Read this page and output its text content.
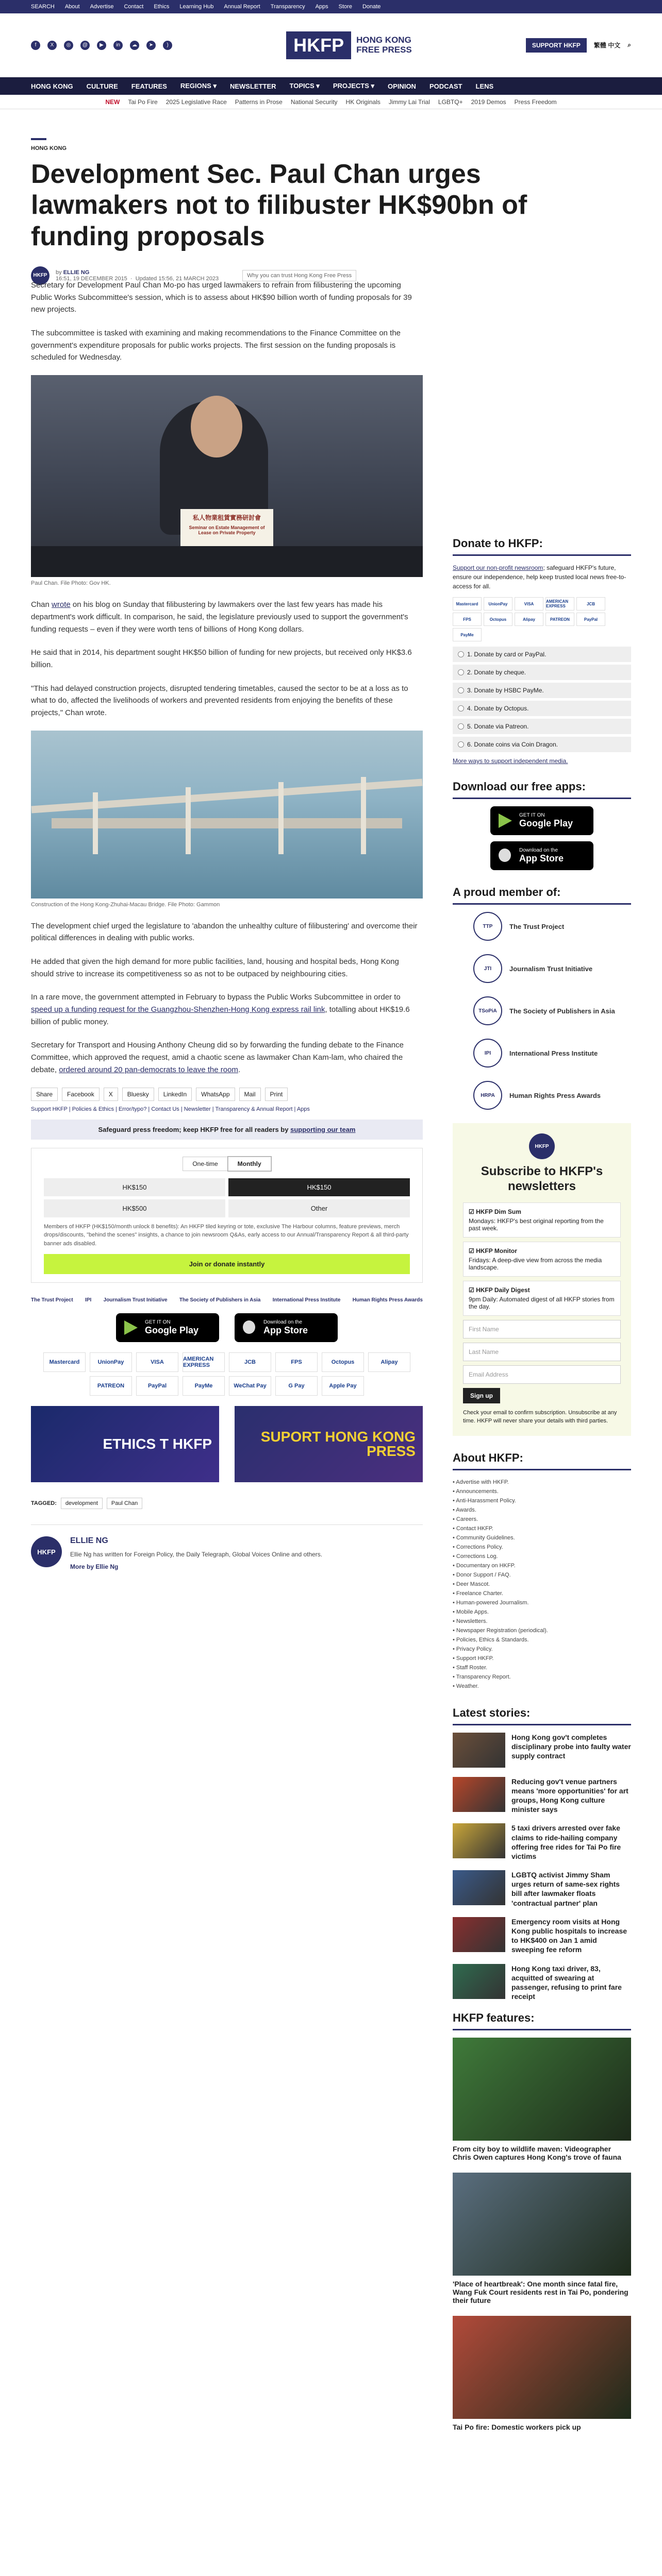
SEARCH About Advertise Contact Ethics Learning Hub Annual Report Transparency Apps Store Donate
f	X	◎	@	▶	in	☁	➤	)	HKFP	HONG KONG
FREE PRESS	SUPPORT HKFP	繁體 中文 ⌕
HONG KONG CULTURE FEATURES REGIONS ▾ NEWSLETTER TOPICS ▾ PROJECTS ▾ OPINION PODCAST LENS
NEW Tai Po Fire 2025 Legislative Race Patterns in Prose National Security HK Originals Jimmy Lai Trial LGBTQ+ 2019 Demos Press Freedom
HONG KONG
Development Sec. Paul Chan urges lawmakers not to filibuster HK$90bn of funding proposals
HKFP	by ELLIE NG
16:51, 19 DECEMBER 2015  ·  Updated 15:56, 21 MARCH 2023	Why you can trust Hong Kong Free Press

Secretary for Development Paul Chan Mo-po has urged lawmakers to refrain from filibustering the upcoming Public Works Subcommittee's session, which is to assess about HK$90 billion worth of funding proposals for 39 new projects.

The subcommittee is tasked with examining and making recommendations to the Finance Committee on the government's expenditure proposals for public works projects. The first session on the funding proposals is scheduled for Wednesday.

私人物業租賃實務研討會
Seminar on Estate Management of Lease on Private Property
Paul Chan. File Photo: Gov HK.

Chan wrote on his blog on Sunday that filibustering by lawmakers over the last few years has made his department's work difficult. In comparison, he said, the legislature previously used to support the government's funding requests – even if they were worth tens of billions of Hong Kong dollars.

He said that in 2014, his department sought HK$50 billion of funding for new projects, but received only HK$3.6 billion.

"This had delayed construction projects, disrupted tendering timetables, caused the sector to be at a loss as to what to do, affected the livelihoods of workers and prevented residents from enjoying the benefits of these projects," Chan wrote.

Construction of the Hong Kong-Zhuhai-Macau Bridge. File Photo: Gammon

The development chief urged the legislature to 'abandon the unhealthy culture of filibustering' and overcome their political differences in dealing with public works.

He added that given the high demand for more public facilities, land, housing and hospital beds, Hong Kong should strive to increase its competitiveness so as not to be outpaced by neighbouring cities.

In a rare move, the government attempted in February to bypass the Public Works Subcommittee in order to speed up a funding request for the Guangzhou-Shenzhen-Hong Kong express rail link, totalling about HK$19.6 billion of public money.

Secretary for Transport and Housing Anthony Cheung did so by forwarding the funding debate to the Finance Committee, which approved the request, amid a chaotic scene as lawmaker Chan Kam-lam, who chaired the debate, ordered around 20 pan-democrats to leave the room.

Share	Facebook	X	Bluesky	LinkedIn	WhatsApp	Mail	Print
Support HKFP | Policies & Ethics | Error/typo? | Contact Us | Newsletter | Transparency & Annual Report | Apps
Safeguard press freedom; keep HKFP free for all readers by supporting our team
One-time	Monthly
HK$150	HK$150
HK$500	Other
Members of HKFP (HK$150/month unlock 8 benefits): An HKFP tiled keyring or tote, exclusive The Harbour columns, feature previews, merch drops/discounts, "behind the scenes" insights, a chance to join newsroom Q&As, early access to our Annual/Transparency Report & all third-party banner ads disabled.
Join or donate instantly
The Trust Project IPI Journalism Trust Initiative The Society of Publishers in Asia International Press Institute Human Rights Press Awards
GET IT ON
Google Play
Download on the
App Store
Mastercard	UnionPay	VISA	AMERICAN EXPRESS	JCB	FPS	Octopus	Alipay
PATREON	PayPal	PayMe	WeChat Pay	G Pay	Apple Pay
ETHICS T HKFP	SUPORT HONG KONG PRESS
TAGGED:	development	Paul Chan
HKFP
ELLIE NG
Ellie Ng has written for Foreign Policy, the Daily Telegraph, Global Voices Online and others.
More by Ellie Ng
Donate to HKFP:

Support our non-profit newsroom; safeguard HKFP's future, ensure our independence, help keep trusted local news free-to-access for all.

Mastercard	UnionPay	VISA	AMERICAN EXPRESS	JCB
FPS	Octopus	Alipay	PATREON	PayPal
PayMe
1. Donate by card or PayPal.
2. Donate by cheque.
3. Donate by HSBC PayMe.
4. Donate by Octopus.
5. Donate via Patreon.
6. Donate coins via Coin Dragon.
More ways to support independent media.
Download our free apps:
GET IT ON
Google Play
Download on the
App Store
A proud member of:
TTP	The Trust Project
JTI	Journalism Trust Initiative
TSoPiA	The Society of Publishers in Asia
IPI	International Press Institute
HRPA	Human Rights Press Awards
HKFP
Subscribe to HKFP's newsletters
☑ HKFP Dim Sum
Mondays: HKFP's best original reporting from the past week.
☑ HKFP Monitor
Fridays: A deep-dive view from across the media landscape.
☑ HKFP Daily Digest
9pm Daily: Automated digest of all HKFP stories from the day.
First Name
Last Name
Email Address
Sign up
Check your email to confirm subscription. Unsubscribe at any time. HKFP will never share your details with third parties.
About HKFP:
• Advertise with HKFP.
• Announcements.
• Anti-Harassment Policy.
• Awards.
• Careers.
• Contact HKFP.
• Community Guidelines.
• Corrections Policy.
• Corrections Log.
• Documentary on HKFP.
• Donor Support / FAQ.
• Deer Mascot.
• Freelance Charter.
• Human-powered Journalism.
• Mobile Apps.
• Newsletters.
• Newspaper Registration (periodical).
• Policies, Ethics & Standards.
• Privacy Policy.
• Support HKFP.
• Staff Roster.
• Transparency Report.
• Weather.
Latest stories:
Hong Kong gov't completes disciplinary probe into faulty water supply contract
Reducing gov't venue partners means 'more opportunities' for art groups, Hong Kong culture minister says
5 taxi drivers arrested over fake claims to ride-hailing company offering free rides for Tai Po fire victims
LGBTQ activist Jimmy Sham urges return of same-sex rights bill after lawmaker floats 'contractual partner' plan
Emergency room visits at Hong Kong public hospitals to increase to HK$400 on Jan 1 amid sweeping fee reform
Hong Kong taxi driver, 83, acquitted of swearing at passenger, refusing to print fare receipt
HKFP features:
From city boy to wildlife maven: Videographer Chris Owen captures Hong Kong's trove of fauna
'Place of heartbreak': One month since fatal fire, Wang Fuk Court residents rest in Tai Po, pondering their future
Tai Po fire: Domestic workers pick up
